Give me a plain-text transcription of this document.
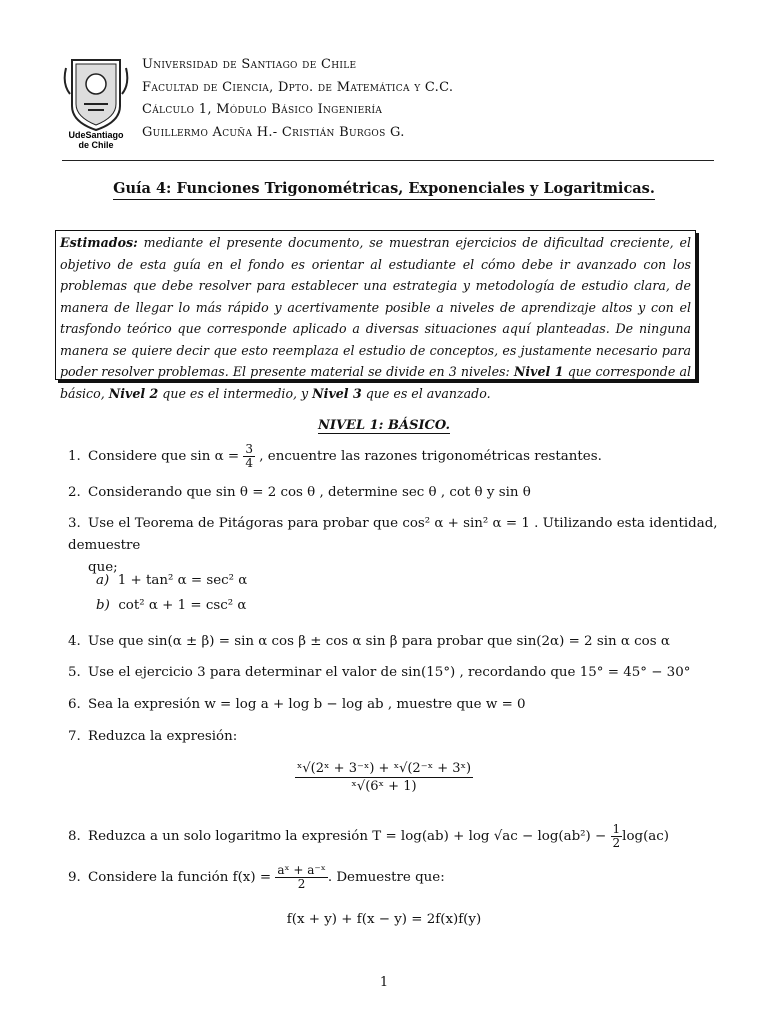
UdeSantiago
de Chile
Universidad de Santiago de Chile
Facultad de Ciencia, Dpto. de Matemática y C.C.
Cálculo 1, Módulo Básico Ingeniería
Guillermo Acuña H.- Cristián Burgos G.
Guía 4: Funciones Trigonométricas, Exponenciales y Logaritmicas.
Estimados: mediante el presente documento, se muestran ejercicios de dificultad creciente, el objetivo de esta guía en el fondo es orientar al estudiante el cómo debe ir avanzado con los problemas que debe resolver para establecer una estrategia y metodología de estudio clara, de manera de llegar lo más rápido y acertivamente posible a niveles de aprendizaje altos y con el trasfondo teórico que corresponde aplicado a diversas situaciones aquí planteadas. De ninguna manera se quiere decir que esto reemplaza el estudio de conceptos, es justamente necesario para poder resolver problemas. El presente material se divide en 3 niveles: Nivel 1 que corresponde al básico, Nivel 2 que es el intermedio, y Nivel 3 que es el avanzado.
NIVEL 1: BÁSICO.
1. Considere que $\sin \alpha = \frac{3}{4}$ , encuentre las razones trigonométricas restantes.
2. Considerando que sin θ = 2 cos θ , determine sec θ , cot θ y sin θ
3. Use el Teorema de Pitágoras para probar que cos² α + sin² α = 1 . Utilizando esta identidad, demuestre
que;
a) 1 + tan² α = sec² α
b) cot² α + 1 = csc² α
4. Use que sin(α ± β) = sin α cos β ± cos α sin β para probar que sin(2α) = 2 sin α cos α
5. Use el ejercicio 3 para determinar el valor de sin(15°) , recordando que 15° = 45° − 30°
6. Sea la expresión w = log a + log b − log ab , muestre que w = 0
7. Reduzca la expresión:
$\frac{\text{ˣ√(2ˣ + 3⁻ˣ) + ˣ√(2⁻ˣ + 3ˣ)}}{\text{ˣ√(6ˣ + 1)}}$
8. Reduzca a un solo logaritmo la expresión $T = \log(ab) + \log √ac - \log(ab^2) - \frac{1}{2} \log(ac)$
9. Considere la función $f(x) = \frac{\text{aˣ + a⁻ˣ}}{2}$ . Demuestre que:
f(x + y) + f(x − y) = 2f(x)f(y)
1
